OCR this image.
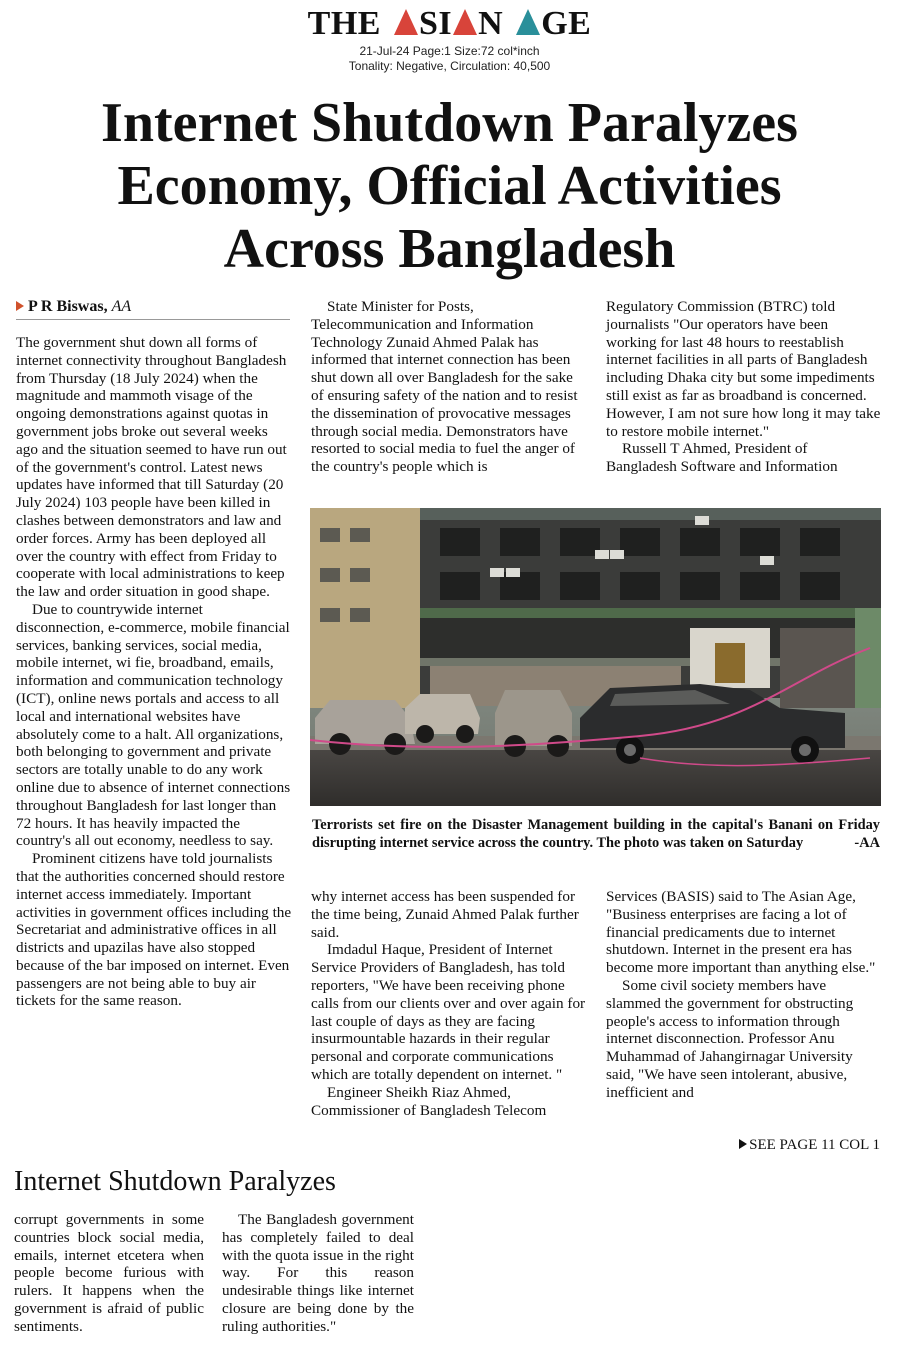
THE SI N GE
21-Jul-24 Page:1 Size:72 col*inch
Tonality: Negative, Circulation: 40,500
Internet Shutdown Paralyzes
Economy, Official Activities
Across Bangladesh
P R Biswas, AA

The government shut down all forms of internet connectivity throughout Bangladesh from Thursday (18 July 2024) when the magnitude and mammoth visage of the ongoing demonstrations against quotas in government jobs broke out several weeks ago and the situation seemed to have run out of the government's control. Latest news updates have informed that till Saturday (20 July 2024) 103 people have been killed in clashes between demonstrators and law and order forces. Army has been deployed all over the country with effect from Friday to cooperate with local administrations to keep the law and order situation in good shape.

Due to countrywide internet disconnection, e-commerce, mobile financial services, banking services, social media, mobile internet, wi fie, broadband, emails, information and communication technology (ICT), online news portals and access to all local and international websites have absolutely come to a halt. All organizations, both belonging to government and private sectors are totally unable to do any work online due to absence of internet connections throughout Bangladesh for last longer than 72 hours. It has heavily impacted the country's all out economy, needless to say.

Prominent citizens have told journalists that the authorities concerned should restore internet access immediately. Important activities in government offices including the Secretariat and administrative offices in all districts and upazilas have also stopped because of the bar imposed on internet. Even passengers are not being able to buy air tickets for the same reason.

State Minister for Posts, Telecommunication and Information Technology Zunaid Ahmed Palak has informed that internet connection has been shut down all over Bangladesh for the sake of ensuring safety of the nation and to resist the dissemination of provocative messages through social media. Demonstrators have resorted to social media to fuel the anger of the country's people which is

Regulatory Commission (BTRC) told journalists "Our operators have been working for last 48 hours to reestablish internet facilities in all parts of Bangladesh including Dhaka city but some impediments still exist as far as broadband is concerned. However, I am not sure how long it may take to restore mobile internet."

Russell T Ahmed, President of Bangladesh Software and Information

Terrorists set fire on the Disaster Management building in the capital's Banani on Friday disrupting internet service across the country. The photo was taken on Saturday	-AA

why internet access has been suspended for the time being, Zunaid Ahmed Palak further said.

Imdadul Haque, President of Internet Service Providers of Bangladesh, has told reporters, "We have been receiving phone calls from our clients over and over again for last couple of days as they are facing insurmountable hazards in their regular personal and corporate communications which are totally dependent on internet. "

Engineer Sheikh Riaz Ahmed, Commissioner of Bangladesh Telecom

Services (BASIS) said to The Asian Age, "Business enterprises are facing a lot of financial predicaments due to internet shutdown. Internet in the present era has become more important than anything else."

Some civil society members have slammed the government for obstructing people's access to information through internet disconnection. Professor Anu Muhammad of Jahangirnagar University said, "We have seen intolerant, abusive, inefficient and

SEE PAGE 11 COL 1
Internet Shutdown Paralyzes
corrupt governments in some countries block social media, emails, internet etcetera when people become furious with rulers. It happens when the government is afraid of public sentiments.
The Bangladesh government has completely failed to deal with the quota issue in the right way. For this reason undesirable things like internet closure are being done by the ruling authorities."
